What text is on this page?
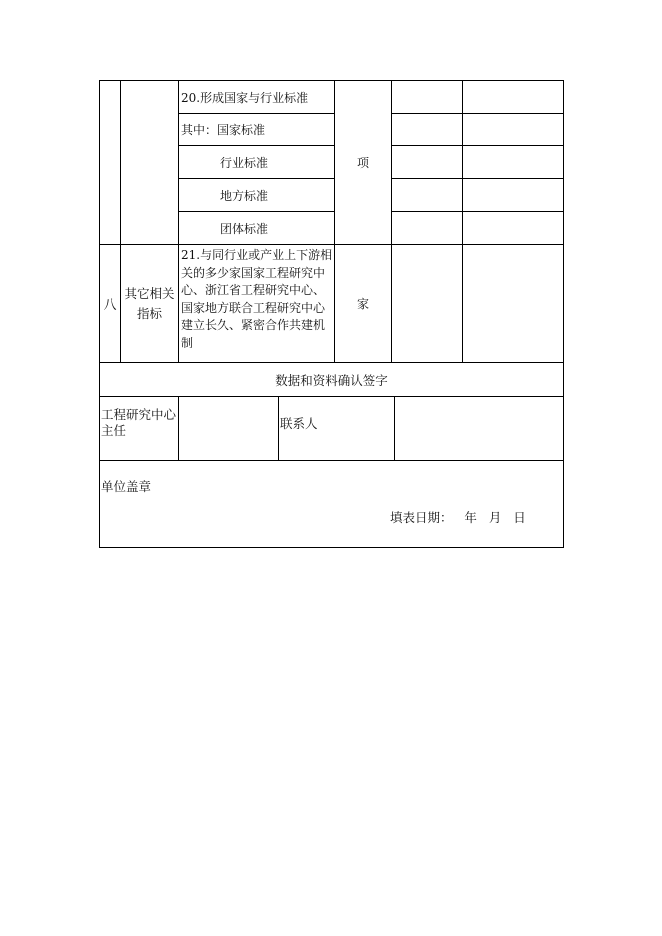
		20.形成国家与行业标准	项		
		其中：国家标准			
		行业标准			
		地方标准			
		团体标准			
八	其它相关指标	21.与同行业或产业上下游相关的多少家国家工程研究中心、浙江省工程研究中心、国家地方联合工程研究中心建立长久、紧密合作共建机制	家		
数据和资料确认签字
工程研究中心主任		联系人	

单位盖章
填表日期：   年   月   日
